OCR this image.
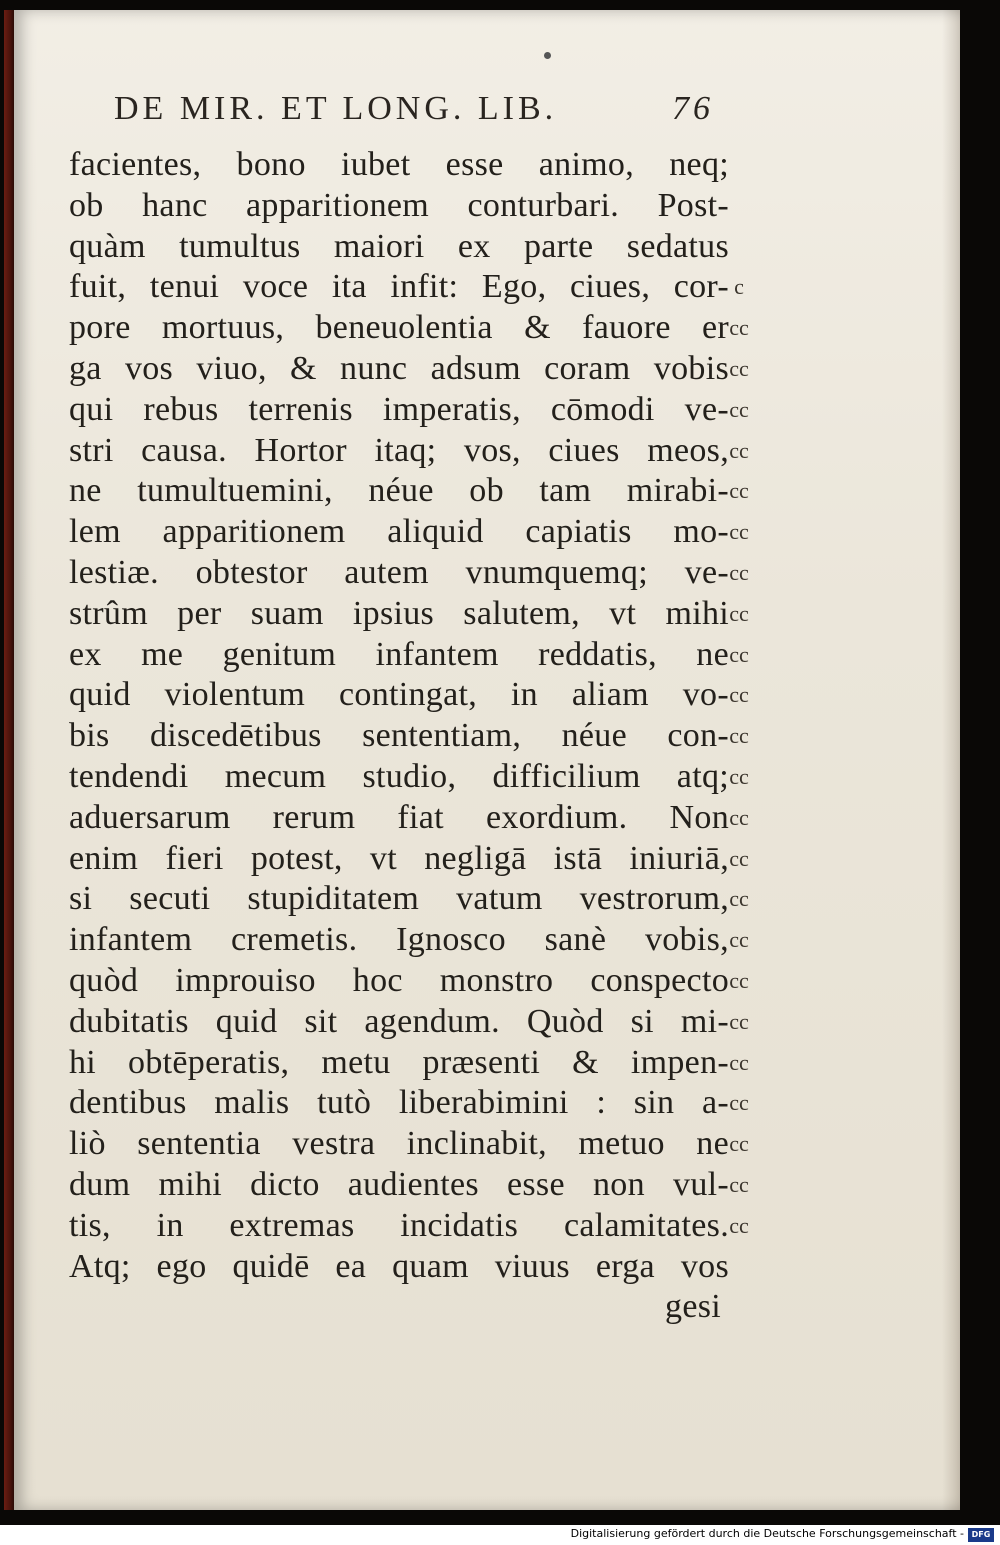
DE MIR. ET LONG. LIB.	76
facientes, bono iubet esse animo, neq;
ob hanc apparitionem conturbari. Post-
quàm tumultus maiori ex parte sedatus
fuit, tenui voce ita infit: Ego, ciues, cor-
pore mortuus, beneuolentia & fauore er
ga vos viuo, & nunc adsum coram vobis
qui rebus terrenis imperatis, cōmodi ve-
stri causa. Hortor itaq; vos, ciues meos,
ne tumultuemini, néue ob tam mirabi-
lem apparitionem aliquid capiatis mo-
lestiæ. obtestor autem vnumquemq; ve-
strûm per suam ipsius salutem, vt mihi
ex me genitum infantem reddatis, ne
quid violentum contingat, in aliam vo-
bis discedētibus sententiam, néue con-
tendendi mecum studio, difficilium atq;
aduersarum rerum fiat exordium. Non
enim fieri potest, vt negligā istā iniuriā,
si secuti stupiditatem vatum vestrorum,
infantem cremetis. Ignosco sanè vobis,
quòd improuiso hoc monstro conspecto
dubitatis quid sit agendum. Quòd si mi-
hi obtēperatis, metu præsenti & impen-
dentibus malis tutò liberabimini : sin a-
liò sententia vestra inclinabit, metuo ne
dum mihi dicto audientes esse non vul-
tis, in extremas incidatis calamitates.
Atq; ego quidē ea quam viuus erga vos
gesi
c
cc
cc
cc
cc
cc
cc
cc
cc
cc
cc
cc
cc
cc
cc
cc
cc
cc
cc
cc
cc
cc
cc
cc
Digitalisierung gefördert durch die Deutsche Forschungsgemeinschaft - DFG
